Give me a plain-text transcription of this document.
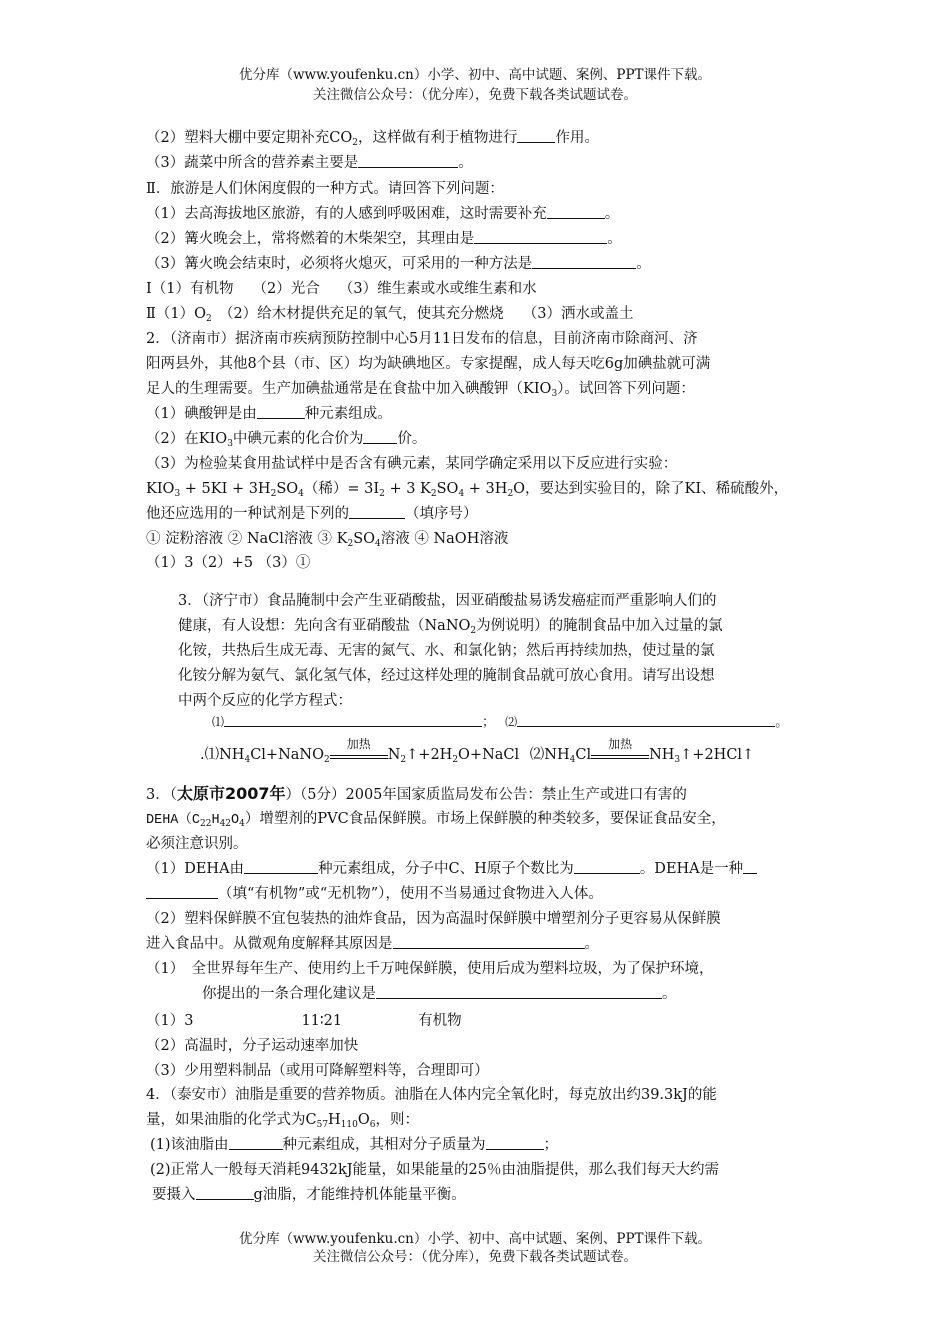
优分库（www.youfenku.cn）小学、初中、高中试题、案例、PPT课件下载。
关注微信公众号：（优分库），免费下载各类试题试卷。
（2）塑料大棚中要定期补充$CO_2$，这样做有利于植物进行	作用。
（3）蔬菜中所含的营养素主要是	。
Ⅱ．旅游是人们休闲度假的一种方式。请回答下列问题：
（1）去高海拔地区旅游，有的人感到呼吸困难，这时需要补充	。
（2）篝火晚会上，常将燃着的木柴架空，其理由是	。
（3）篝火晚会结束时，必须将火熄灭，可采用的一种方法是	。
Ⅰ（1）有机物　 （2）光合　 （3）维生素或水或维生素和水
$Ⅱ(1)O_2$　（2）给木材提供充足的氧气，使其充分燃烧　 （3）洒水或盖土
2．（济南市）据济南市疾病预防控制中心5月11日发布的信息，目前济南市除商河、济
阳两县外，其他8个县（市、区）均为缺碘地区。专家提醒，成人每天吃6g加碘盐就可满
足人的生理需要。生产加碘盐通常是在食盐中加入碘酸钾$(KIO_3)$。试回答下列问题：
（1）碘酸钾是由	种元素组成。
（2）在$KIO_3$中碘元素的化合价为 价。
（3）为检验某食用盐试样中是否含有碘元素，某同学确定采用以下反应进行实验：
$KIO_3 + 5KI + 3H_2SO_4$（稀）= $3I_2 + 3$ $K_2SO_4 + 3H_2O$，要达到实验目的，除了KI、稀硫酸外，
他还应选用的一种试剂是下列的	（填序号）
① 淀粉溶液 ② NaCl溶液 ③ $K_2SO_4$溶液 ④ NaOH溶液
（1）3（2）+5 （3）①
3．（济宁市）食品腌制中会产生亚硝酸盐，因亚硝酸盐易诱发癌症而严重影响人们的
健康，有人设想：先向含有亚硝酸盐（NaNO$_2$为例说明）的腌制食品中加入过量的氯
化铵，共热后生成无毒、无害的氮气、水、和氯化钠；然后再持续加热，使过量的氯
化铵分解为氨气、氯化氢气体，经过这样处理的腌制食品就可放心食用。请写出设想
中两个反应的化学方程式：
⑴	； ⑵	。
$.⑴NH_4Cl+NaNO_2$
加热
$N_2↑+2H_2O+NaCl$ $⑵NH_4Cl$
加热
$NH_3↑+2HCl↑$
3．（太原市2007年）（5分）2005年国家质监局发布公告：禁止生产或进口有害的
$DEHA(C_{22}H_{42}O_4)$增塑剂的PVC食品保鲜膜。市场上保鲜膜的种类较多，要保证食品安全，
必须注意识别。
（1）DEHA由	种元素组成，分子中C、H原子个数比为	。DEHA是一种
（填“有机物”或“无机物”），使用不当易通过食物进入人体。
（2）塑料保鲜膜不宜包装热的油炸食品，因为高温时保鲜膜中增塑剂分子更容易从保鲜膜
进入食品中。从微观角度解释其原因是	。
（1）　全世界每年生产、使用约上千万吨保鲜膜，使用后成为塑料垃圾，为了保护环境，
你提出的一条合理化建议是	。
（1）3	11∶21	有机物
（2）高温时，分子运动速率加快
（3）少用塑料制品（或用可降解塑料等，合理即可）
4．（泰安市）油脂是重要的营养物质。油脂在人体内完全氧化时，每克放出约39.3kJ的能
量，如果油脂的化学式为$C_{57}H_{110}O_6$，则：
(1)该油脂由	种元素组成，其相对分子质量为	；
(2)正常人一般每天消耗9432kJ能量，如果能量的25％由油脂提供，那么我们每天大约需
要摄入	g油脂，才能维持机体能量平衡。
优分库（www.youfenku.cn）小学、初中、高中试题、案例、PPT课件下载。
关注微信公众号：（优分库），免费下载各类试题试卷。
